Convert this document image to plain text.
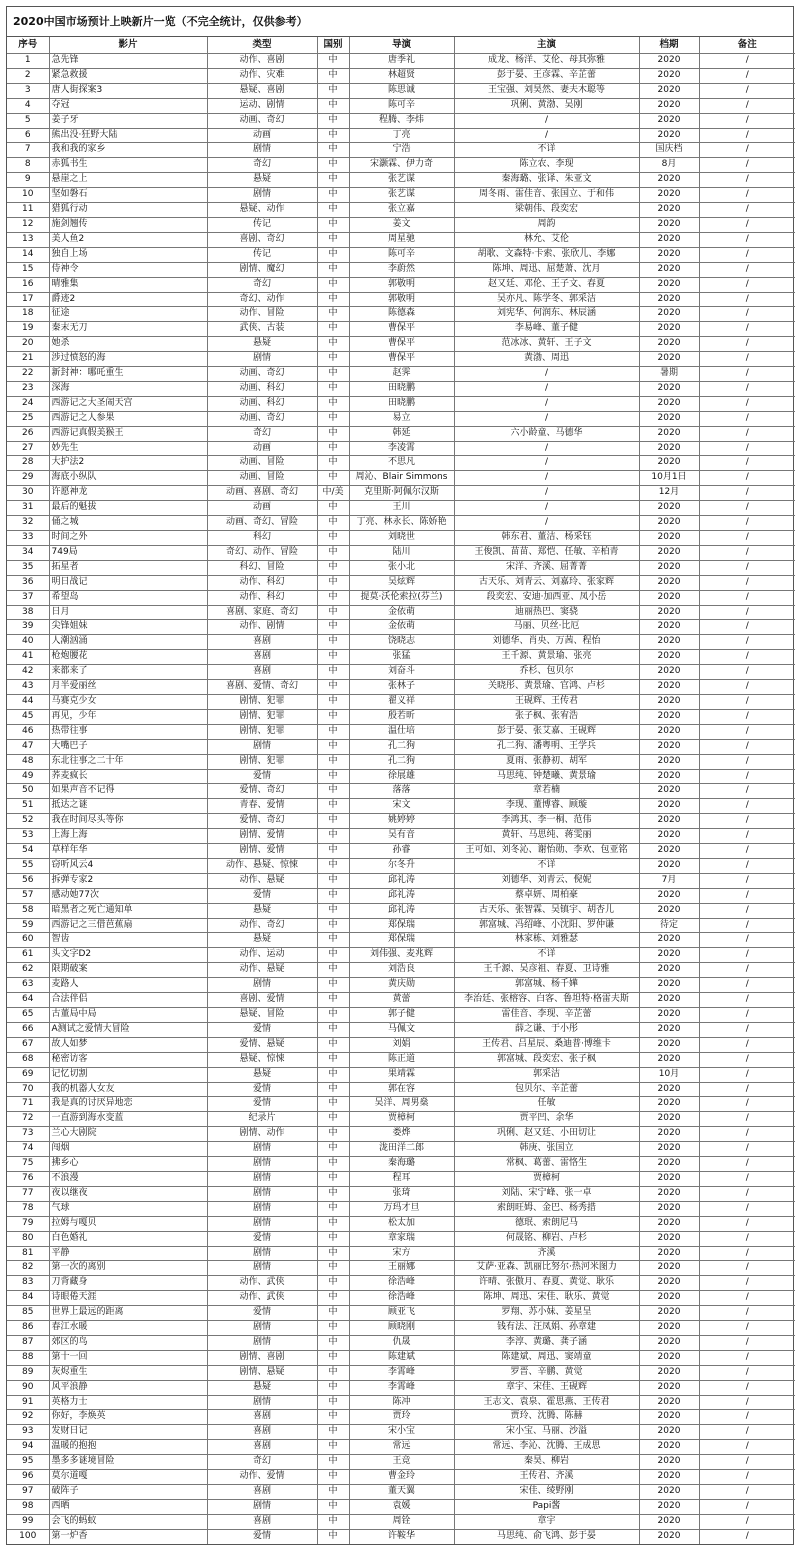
2020中国市场预计上映新片一览（不完全统计，仅供参考）
序号	影片	类型	国别	导演	主演	档期	备注
1	急先锋	动作、喜剧	中	唐季礼	成龙、杨洋、艾伦、母其弥雅	2020	/
2	紧急救援	动作、灾难	中	林超贤	彭于晏、王彦霖、辛芷蕾	2020	/
3	唐人街探案3	悬疑、喜剧	中	陈思诚	王宝强、刘昊然、妻夫木聪等	2020	/
4	夺冠	运动、剧情	中	陈可辛	巩俐、黄渤、吴刚	2020	/
5	姜子牙	动画、奇幻	中	程腾、李炜	/	2020	/
6	熊出没·狂野大陆	动画	中	丁亮	/	2020	/
7	我和我的家乡	剧情	中	宁浩	不详	国庆档	/
8	赤狐书生	奇幻	中	宋灏霖、伊力奇	陈立农、李现	8月	/
9	悬崖之上	悬疑	中	张艺谋	秦海璐、张译、朱亚文	2020	/
10	坚如磐石	剧情	中	张艺谋	周冬雨、雷佳音、张国立、于和伟	2020	/
11	猎狐行动	悬疑、动作	中	张立嘉	梁朝伟、段奕宏	2020	/
12	施剑翘传	传记	中	姜文	周韵	2020	/
13	美人鱼2	喜剧、奇幻	中	周星驰	林允、艾伦	2020	/
14	独自上场	传记	中	陈可辛	胡歌、文森特·卡索、张欣儿、李娜	2020	/
15	侍神令	剧情、魔幻	中	李蔚然	陈坤、周迅、屈楚萧、沈月	2020	/
16	晴雅集	奇幻	中	郭敬明	赵又廷、邓伦、王子文、春夏	2020	/
17	爵迹2	奇幻、动作	中	郭敬明	吴亦凡、陈学冬、郭采洁	2020	/
18	征途	动作、冒险	中	陈德森	刘宪华、何润东、林辰涵	2020	/
19	秦末无刀	武侠、古装	中	曹保平	李易峰、董子健	2020	/
20	她杀	悬疑	中	曹保平	范冰冰、黄轩、王子文	2020	/
21	涉过愤怒的海	剧情	中	曹保平	黄渤、周迅	2020	/
22	新封神：哪吒重生	动画、奇幻	中	赵霁	/	暑期	/
23	深海	动画、科幻	中	田晓鹏	/	2020	/
24	西游记之大圣闹天宫	动画、科幻	中	田晓鹏	/	2020	/
25	西游记之人参果	动画、奇幻	中	易立	/	2020	/
26	西游记真假美猴王	奇幻	中	韩延	六小龄童、马德华	2020	/
27	妙先生	动画	中	李凌霄	/	2020	/
28	大护法2	动画、冒险	中	不思凡	/	2020	/
29	海底小纵队	动画、冒险	中	周沁、Blair Simmons	/	10月1日	/
30	许愿神龙	动画、喜剧、奇幻	中/美	克里斯·阿佩尔汉斯	/	12月	/
31	最后的魁拔	动画	中	王川	/	2020	/
32	俑之城	动画、奇幻、冒险	中	丁亮、林永长、陈娇艳	/	2020	/
33	时间之外	科幻	中	刘晓世	韩东君、董洁、杨采钰	2020	/
34	749局	奇幻、动作、冒险	中	陆川	王俊凯、苗苗、郑恺、任敏、辛柏青	2020	/
35	拓星者	科幻、冒险	中	张小北	宋洋、齐溪、屈菁菁	2020	/
36	明日战记	动作、科幻	中	吴炫辉	古天乐、刘青云、刘嘉玲、张家辉	2020	/
37	希望岛	动作、科幻	中	提莫·沃伦索拉(芬兰)	段奕宏、安迪·加西亚、凤小岳	2020	/
38	日月	喜剧、家庭、奇幻	中	金依萌	迪丽热巴、窦骁	2020	/
39	尖锋姐妹	动作、剧情	中	金依萌	马丽、贝丝·比厄	2020	/
40	人潮汹涌	喜剧	中	饶晓志	刘德华、肖央、万茜、程怡	2020	/
41	枪炮腰花	喜剧	中	张猛	王千源、黄景瑜、张亮	2020	/
42	来都来了	喜剧	中	刘奋斗	乔杉、包贝尔	2020	/
43	月半爱丽丝	喜剧、爱情、奇幻	中	张林子	关晓彤、黄景瑜、官鸿、卢杉	2020	/
44	马赛克少女	剧情、犯罪	中	翟义祥	王砚辉、王传君	2020	/
45	再见，少年	剧情、犯罪	中	殷若昕	张子枫、张宥浩	2020	/
46	热带往事	剧情、犯罪	中	温仕培	彭于晏、张艾嘉、王砚辉	2020	/
47	大嘴巴子	剧情	中	孔二狗	孔二狗、潘粤明、王学兵	2020	/
48	东北往事之二十年	剧情、犯罪	中	孔二狗	夏雨、张静初、胡军	2020	/
49	荞麦疯长	爱情	中	徐展雄	马思纯、钟楚曦、黄景瑜	2020	/
50	如果声音不记得	爱情、奇幻	中	落落	章若楠	2020	/
51	抵达之谜	青春、爱情	中	宋文	李现、董博睿、顾璇	2020	/
52	我在时间尽头等你	爱情、奇幻	中	姚婷婷	李鸿其、李一桐、范伟	2020	/
53	上海上海	剧情、爱情	中	吴有音	黄轩、马思纯、蒋雯丽	2020	/
54	草样年华	剧情、爱情	中	孙睿	王可如、刘冬沁、谢怡勋、李欢、包亚铭	2020	/
55	窃听风云4	动作、悬疑、惊悚	中	尔冬升	不详	2020	/
56	拆弹专家2	动作、悬疑	中	邱礼涛	刘德华、刘青云、倪妮	7月	/
57	感动她77次	爱情	中	邱礼涛	蔡卓妍、周柏豪	2020	/
58	暗黑者之死亡通知单	悬疑	中	邱礼涛	古天乐、张智霖、吴镇宇、胡杏儿	2020	/
59	西游记之三借芭蕉扇	动作、奇幻	中	郑保瑞	郭富城、冯绍峰、小沈阳、罗仲谦	待定	/
60	智齿	悬疑	中	郑保瑞	林家栋、刘雅瑟	2020	/
61	头文字D2	动作、运动	中	刘伟强、麦兆辉	不详	2020	/
62	限期破案	动作、悬疑	中	刘浩良	王千源、吴彦祖、春夏、卫诗雅	2020	/
63	麦路人	剧情	中	黄庆勋	郭富城、杨千嬅	2020	/
64	合法伴侣	喜剧、爱情	中	黄蕾	李治廷、张榕容、白客、鲁坦特·格雷夫斯	2020	/
65	古董局中局	悬疑、冒险	中	郭子健	雷佳音、李现、辛芷蕾	2020	/
66	A测试之爱情大冒险	爱情	中	马佩文	薛之谦、于小彤	2020	/
67	故人如梦	爱情、悬疑	中	刘娟	王传君、吕星辰、桑迪普·博维卡	2020	/
68	秘密访客	悬疑、惊悚	中	陈正道	郭富城、段奕宏、张子枫	2020	/
69	记忆切割	悬疑	中	果靖霖	郭采洁	10月	/
70	我的机器人女友	爱情	中	郭在容	包贝尔、辛芷蕾	2020	/
71	我是真的讨厌异地恋	爱情	中	吴洋、周男燊	任敏	2020	/
72	一直游到海水变蓝	纪录片	中	贾樟柯	贾平凹、余华	2020	/
73	兰心大剧院	剧情、动作	中	娄烨	巩俐、赵又廷、小田切让	2020	/
74	闯烟	剧情	中	泷田洋二郎	韩庚、张国立	2020	/
75	拂乡心	剧情	中	秦海璐	常枫、葛蕾、雷恪生	2020	/
76	不浪漫	剧情	中	程耳	贾樟柯	2020	/
77	夜以继夜	剧情	中	张琦	刘陆、宋宁峰、张一卓	2020	/
78	气球	剧情	中	万玛才旦	索朗旺姆、金巴、杨秀措	2020	/
79	拉姆与嘎贝	剧情	中	松太加	德珉、索朗尼马	2020	/
80	白色婚礼	爱情	中	章家瑞	何晟铭、柳岩、卢杉	2020	/
81	平静	剧情	中	宋方	齐溪	2020	/
82	第一次的离别	剧情	中	王丽娜	艾萨·亚森、凯丽比努尔·热河米图力	2020	/
83	刀背藏身	动作、武侠	中	徐浩峰	许晴、张傲月、春夏、黄觉、耿乐	2020	/
84	诗眼倦天涯	动作、武侠	中	徐浩峰	陈坤、周迅、宋佳、耿乐、黄觉	2020	/
85	世界上最远的距离	爱情	中	顾亚飞	罗翔、苏小妹、姜星呈	2020	/
86	春江水暖	剧情	中	顾晓刚	钱有法、汪凤娟、孙章建	2020	/
87	郊区的鸟	剧情	中	仇晟	李淳、黄璐、龚子涵	2020	/
88	第十一回	剧情、喜剧	中	陈建斌	陈建斌、周迅、窦靖童	2020	/
89	灰烬重生	剧情、悬疑	中	李霄峰	罗晋、辛鹏、黄觉	2020	/
90	风平浪静	悬疑	中	李霄峰	章宇、宋佳、王砚辉	2020	/
91	英格力士	剧情	中	陈冲	王志文、袁泉、霍思燕、王传君	2020	/
92	你好，李焕英	喜剧	中	贾玲	贾玲、沈腾、陈赫	2020	/
93	发财日记	喜剧	中	宋小宝	宋小宝、马丽、沙溢	2020	/
94	温暖的抱抱	喜剧	中	常远	常远、李沁、沈腾、王成思	2020	/
95	墨多多谜境冒险	奇幻	中	王竞	秦昊、柳岩	2020	/
96	莫尔道嘎	动作、爱情	中	曹金玲	王传君、齐溪	2020	/
97	破阵子	喜剧	中	董天翼	宋佳、绫野刚	2020	/
98	西晒	剧情	中	袁媛	Papi酱	2020	/
99	会飞的蚂蚁	喜剧	中	周铨	章宇	2020	/
100	第一炉香	爱情	中	许鞍华	马思纯、俞飞鸿、彭于晏	2020	/
